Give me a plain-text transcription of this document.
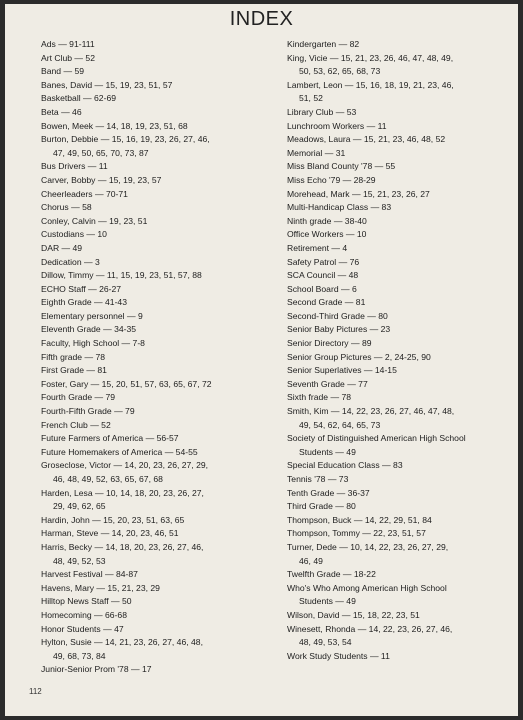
INDEX
Ads — 91-111
Art Club — 52
Band — 59
Banes, David — 15, 19, 23, 51, 57
Basketball — 62-69
Beta — 46
Bowen, Meek — 14, 18, 19, 23, 51, 68
Burton, Debbie — 15, 16, 19, 23, 26, 27, 46,
47, 49, 50, 65, 70, 73, 87
Bus Drivers — 11
Carver, Bobby — 15, 19, 23, 57
Cheerleaders — 70-71
Chorus — 58
Conley, Calvin — 19, 23, 51
Custodians — 10
DAR — 49
Dedication — 3
Dillow, Timmy — 11, 15, 19, 23, 51, 57, 88
ECHO Staff — 26-27
Eighth Grade — 41-43
Elementary personnel — 9
Eleventh Grade — 34-35
Faculty, High School — 7-8
Fifth grade — 78
First Grade — 81
Foster, Gary — 15, 20, 51, 57, 63, 65, 67, 72
Fourth Grade — 79
Fourth-Fifth Grade — 79
French Club — 52
Future Farmers of America — 56-57
Future Homemakers of America — 54-55
Groseclose, Victor — 14, 20, 23, 26, 27, 29,
46, 48, 49, 52, 63, 65, 67, 68
Harden, Lesa — 10, 14, 18, 20, 23, 26, 27,
29, 49, 62, 65
Hardin, John — 15, 20, 23, 51, 63, 65
Harman, Steve — 14, 20, 23, 46, 51
Harris, Becky — 14, 18, 20, 23, 26, 27, 46,
48, 49, 52, 53
Harvest Festival — 84-87
Havens, Mary — 15, 21, 23, 29
Hilltop News Staff — 50
Homecoming — 66-68
Honor Students — 47
Hylton, Susie — 14, 21, 23, 26, 27, 46, 48,
49, 68, 73, 84
Junior-Senior Prom '78 — 17
Kindergarten — 82
King, Vicie — 15, 21, 23, 26, 46, 47, 48, 49,
50, 53, 62, 65, 68, 73
Lambert, Leon — 15, 16, 18, 19, 21, 23, 46,
51, 52
Library Club — 53
Lunchroom Workers — 11
Meadows, Laura — 15, 21, 23, 46, 48, 52
Memorial — 31
Miss Bland County '78 — 55
Miss Echo '79 — 28-29
Morehead, Mark — 15, 21, 23, 26, 27
Multi-Handicap Class — 83
Ninth grade — 38-40
Office Workers — 10
Retirement — 4
Safety Patrol — 76
SCA Council — 48
School Board — 6
Second Grade — 81
Second-Third Grade — 80
Senior Baby Pictures — 23
Senior Directory — 89
Senior Group Pictures — 2, 24-25, 90
Senior Superlatives — 14-15
Seventh Grade — 77
Sixth frade — 78
Smith, Kim — 14, 22, 23, 26, 27, 46, 47, 48,
49, 54, 62, 64, 65, 73
Society of Distinguished American High School
Students — 49
Special Education Class — 83
Tennis '78 — 73
Tenth Grade — 36-37
Third Grade — 80
Thompson, Buck — 14, 22, 29, 51, 84
Thompson, Tommy — 22, 23, 51, 57
Turner, Dede — 10, 14, 22, 23, 26, 27, 29,
46, 49
Twelfth Grade — 18-22
Who's Who Among American High School
Students — 49
Wilson, David — 15, 18, 22, 23, 51
Winesett, Rhonda — 14, 22, 23, 26, 27, 46,
48, 49, 53, 54
Work Study Students — 11
112
